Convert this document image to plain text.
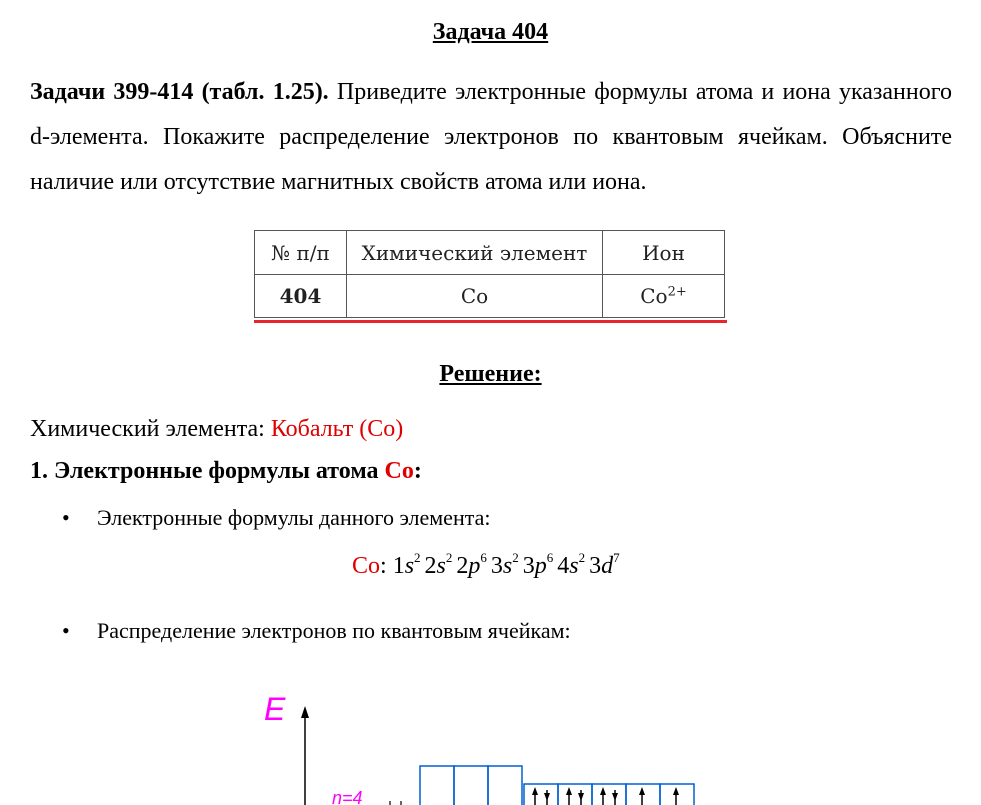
Задача 404
Задачи 399-414 (табл. 1.25). Приведите электронные формулы атома и иона указанного d-элемента. Покажите распределение электронов по квантовым ячейкам. Объясните наличие или отсутствие магнитных свойств атома или иона.
№ п/п	Химический элемент	Ион
404	Co	$Co^{2+}$
Решение:
Химический элемента: Кобальт (Co)
1. Электронные формулы атома Co:
• Электронные формулы данного элемента:
Co: $1s^2$ $2s^2$ $2p^6$ $3s^2$ $3p^6$ $4s^2$ $3d^7$
• Распределение электронов по квантовым ячейкам:
E
n=4
